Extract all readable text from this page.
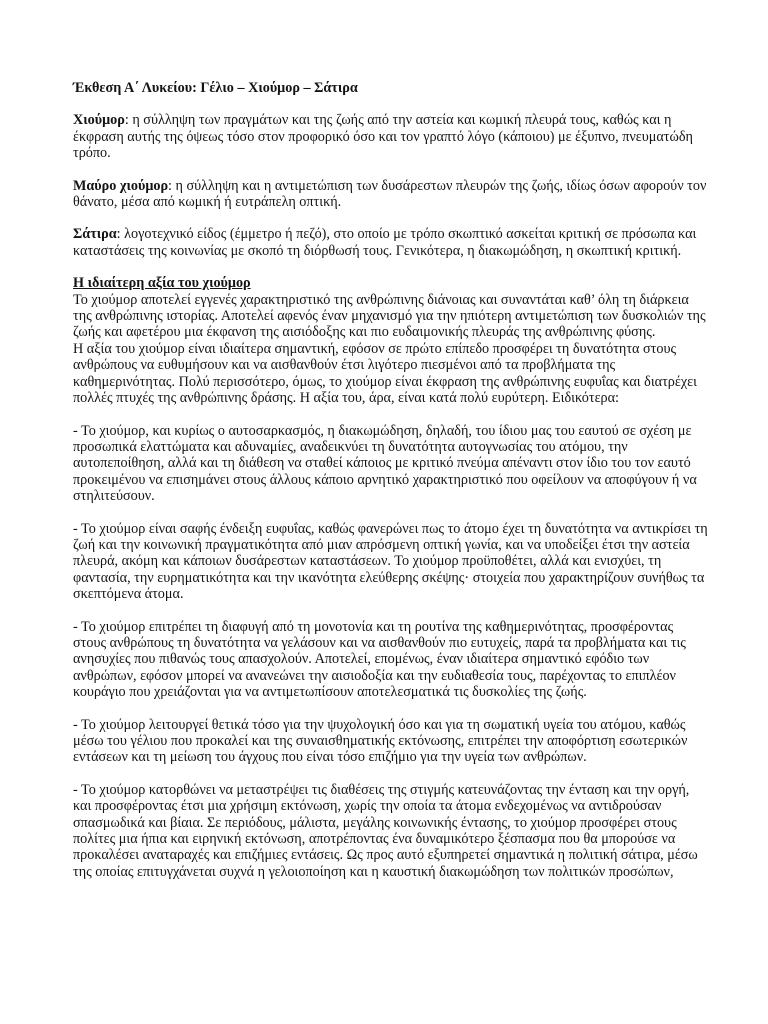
Έκθεση Α΄ Λυκείου: Γέλιο – Χιούμορ – Σάτιρα

Χιούμορ: η σύλληψη των πραγμάτων και της ζωής από την αστεία και κωμική πλευρά τους, καθώς και η έκφραση αυτής της όψεως τόσο στον προφορικό όσο και τον γραπτό λόγο (κάποιου) με έξυπνο, πνευματώδη τρόπο.

Μαύρο χιούμορ: η σύλληψη και η αντιμετώπιση των δυσάρεστων πλευρών της ζωής, ιδίως όσων αφορούν τον θάνατο, μέσα από κωμική ή ευτράπελη οπτική.

Σάτιρα: λογοτεχνικό είδος (έμμετρο ή πεζό), στο οποίο με τρόπο σκωπτικό ασκείται κριτική σε πρόσωπα και καταστάσεις της κοινωνίας με σκοπό τη διόρθωσή τους. Γενικότερα, η διακωμώδηση, η σκωπτική κριτική.

Η ιδιαίτερη αξία του χιούμορ

Το χιούμορ αποτελεί εγγενές χαρακτηριστικό της ανθρώπινης διάνοιας και συναντάται καθ’ όλη τη διάρκεια της ανθρώπινης ιστορίας. Αποτελεί αφενός έναν μηχανισμό για την ηπιότερη αντιμετώπιση των δυσκολιών της ζωής και αφετέρου μια έκφανση της αισιόδοξης και πιο ευδαιμονικής πλευράς της ανθρώπινης φύσης.

Η αξία του χιούμορ είναι ιδιαίτερα σημαντική, εφόσον σε πρώτο επίπεδο προσφέρει τη δυνατότητα στους ανθρώπους να ευθυμήσουν και να αισθανθούν έτσι λιγότερο πιεσμένοι από τα προβλήματα της καθημερινότητας. Πολύ περισσότερο, όμως, το χιούμορ είναι έκφραση της ανθρώπινης ευφυΐας και διατρέχει πολλές πτυχές της ανθρώπινης δράσης. Η αξία του, άρα, είναι κατά πολύ ευρύτερη. Ειδικότερα:

- Το χιούμορ, και κυρίως ο αυτοσαρκασμός, η διακωμώδηση, δηλαδή, του ίδιου μας του εαυτού σε σχέση με προσωπικά ελαττώματα και αδυναμίες, αναδεικνύει τη δυνατότητα αυτογνωσίας του ατόμου, την αυτοπεποίθηση, αλλά και τη διάθεση να σταθεί κάποιος με κριτικό πνεύμα απέναντι στον ίδιο του τον εαυτό προκειμένου να επισημάνει στους άλλους κάποιο αρνητικό χαρακτηριστικό που οφείλουν να αποφύγουν ή να στηλιτεύσουν.

- Το χιούμορ είναι σαφής ένδειξη ευφυΐας, καθώς φανερώνει πως το άτομο έχει τη δυνατότητα να αντικρίσει τη ζωή και την κοινωνική πραγματικότητα από μιαν απρόσμενη οπτική γωνία, και να υποδείξει έτσι την αστεία πλευρά, ακόμη και κάποιων δυσάρεστων καταστάσεων. Το χιούμορ προϋποθέτει, αλλά και ενισχύει, τη φαντασία, την ευρηματικότητα και την ικανότητα ελεύθερης σκέψης· στοιχεία που χαρακτηρίζουν συνήθως τα σκεπτόμενα άτομα.

- Το χιούμορ επιτρέπει τη διαφυγή από τη μονοτονία και τη ρουτίνα της καθημερινότητας, προσφέροντας στους ανθρώπους τη δυνατότητα να γελάσουν και να αισθανθούν πιο ευτυχείς, παρά τα προβλήματα και τις ανησυχίες που πιθανώς τους απασχολούν. Αποτελεί, επομένως, έναν ιδιαίτερα σημαντικό εφόδιο των ανθρώπων, εφόσον μπορεί να ανανεώνει την αισιοδοξία και την ευδιαθεσία τους, παρέχοντας το επιπλέον κουράγιο που χρειάζονται για να αντιμετωπίσουν αποτελεσματικά τις δυσκολίες της ζωής.

- Το χιούμορ λειτουργεί θετικά τόσο για την ψυχολογική όσο και για τη σωματική υγεία του ατόμου, καθώς μέσω του γέλιου που προκαλεί και της συναισθηματικής εκτόνωσης, επιτρέπει την αποφόρτιση εσωτερικών εντάσεων και τη μείωση του άγχους που είναι τόσο επιζήμιο για την υγεία των ανθρώπων.

- Το χιούμορ κατορθώνει να μεταστρέψει τις διαθέσεις της στιγμής κατευνάζοντας την ένταση και την οργή, και προσφέροντας έτσι μια χρήσιμη εκτόνωση, χωρίς την οποία τα άτομα ενδεχομένως να αντιδρούσαν σπασμωδικά και βίαια. Σε περιόδους, μάλιστα, μεγάλης κοινωνικής έντασης, το χιούμορ προσφέρει στους πολίτες μια ήπια και ειρηνική εκτόνωση, αποτρέποντας ένα δυναμικότερο ξέσπασμα που θα μπορούσε να προκαλέσει αναταραχές και επιζήμιες εντάσεις. Ως προς αυτό εξυπηρετεί σημαντικά η πολιτική σάτιρα, μέσω της οποίας επιτυγχάνεται συχνά η γελοιοποίηση και η καυστική διακωμώδηση των πολιτικών προσώπων,
